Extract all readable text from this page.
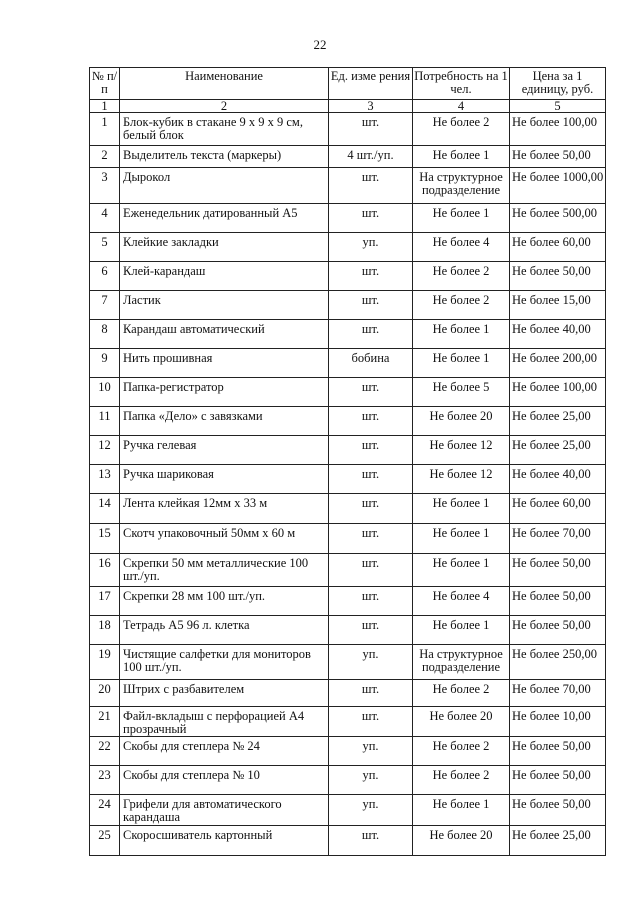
22
№ п/п	Наименование	Ед. изме рения	Потребность на 1 чел.	Цена за 1 единицу, руб.
1	2	3	4	5
1	Блок-кубик в стакане 9 х 9 х 9 см, белый блок	шт.	Не более 2	Не более 100,00
2	Выделитель текста (маркеры)	4 шт./уп.	Не более 1	Не более 50,00
3	Дырокол	шт.	На структурное подразделение	Не более 1000,00
4	Еженедельник датированный А5	шт.	Не более 1	Не более 500,00
5	Клейкие закладки	уп.	Не более 4	Не более 60,00
6	Клей-карандаш	шт.	Не более 2	Не более 50,00
7	Ластик	шт.	Не более 2	Не более 15,00
8	Карандаш автоматический	шт.	Не более 1	Не более 40,00
9	Нить прошивная	бобина	Не более 1	Не более 200,00
10	Папка-регистратор	шт.	Не более 5	Не более 100,00
11	Папка «Дело» с завязками	шт.	Не более 20	Не более 25,00
12	Ручка гелевая	шт.	Не более 12	Не более 25,00
13	Ручка шариковая	шт.	Не более 12	Не более 40,00
14	Лента клейкая 12мм х 33 м	шт.	Не более 1	Не более 60,00
15	Скотч упаковочный 50мм х 60 м	шт.	Не более 1	Не более 70,00
16	Скрепки 50 мм металлические 100 шт./уп.	шт.	Не более 1	Не более 50,00
17	Скрепки 28 мм 100 шт./уп.	шт.	Не более 4	Не более 50,00
18	Тетрадь А5 96 л. клетка	шт.	Не более 1	Не более 50,00
19	Чистящие салфетки для мониторов 100 шт./уп.	уп.	На структурное подразделение	Не более 250,00
20	Штрих с разбавителем	шт.	Не более 2	Не более 70,00
21	Файл-вкладыш с перфорацией А4 прозрачный	шт.	Не более 20	Не более 10,00
22	Скобы для степлера № 24	уп.	Не более 2	Не более 50,00
23	Скобы для степлера № 10	уп.	Не более 2	Не более 50,00
24	Грифели для автоматического карандаша	уп.	Не более 1	Не более 50,00
25	Скоросшиватель картонный	шт.	Не более 20	Не более 25,00
